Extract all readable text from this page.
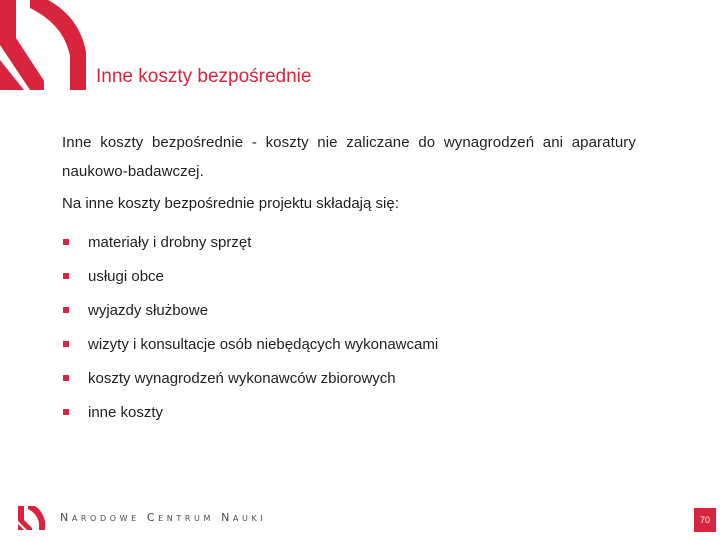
Inne koszty bezpośrednie
Inne koszty bezpośrednie - koszty nie zaliczane do wynagrodzeń ani aparatury naukowo-badawczej.
Na inne koszty bezpośrednie projektu składają się:
materiały i drobny sprzęt
usługi obce
wyjazdy służbowe
wizyty i konsultacje osób niebędących wykonawcami
koszty wynagrodzeń wykonawców zbiorowych
inne koszty
Narodowe Centrum Nauki	70
